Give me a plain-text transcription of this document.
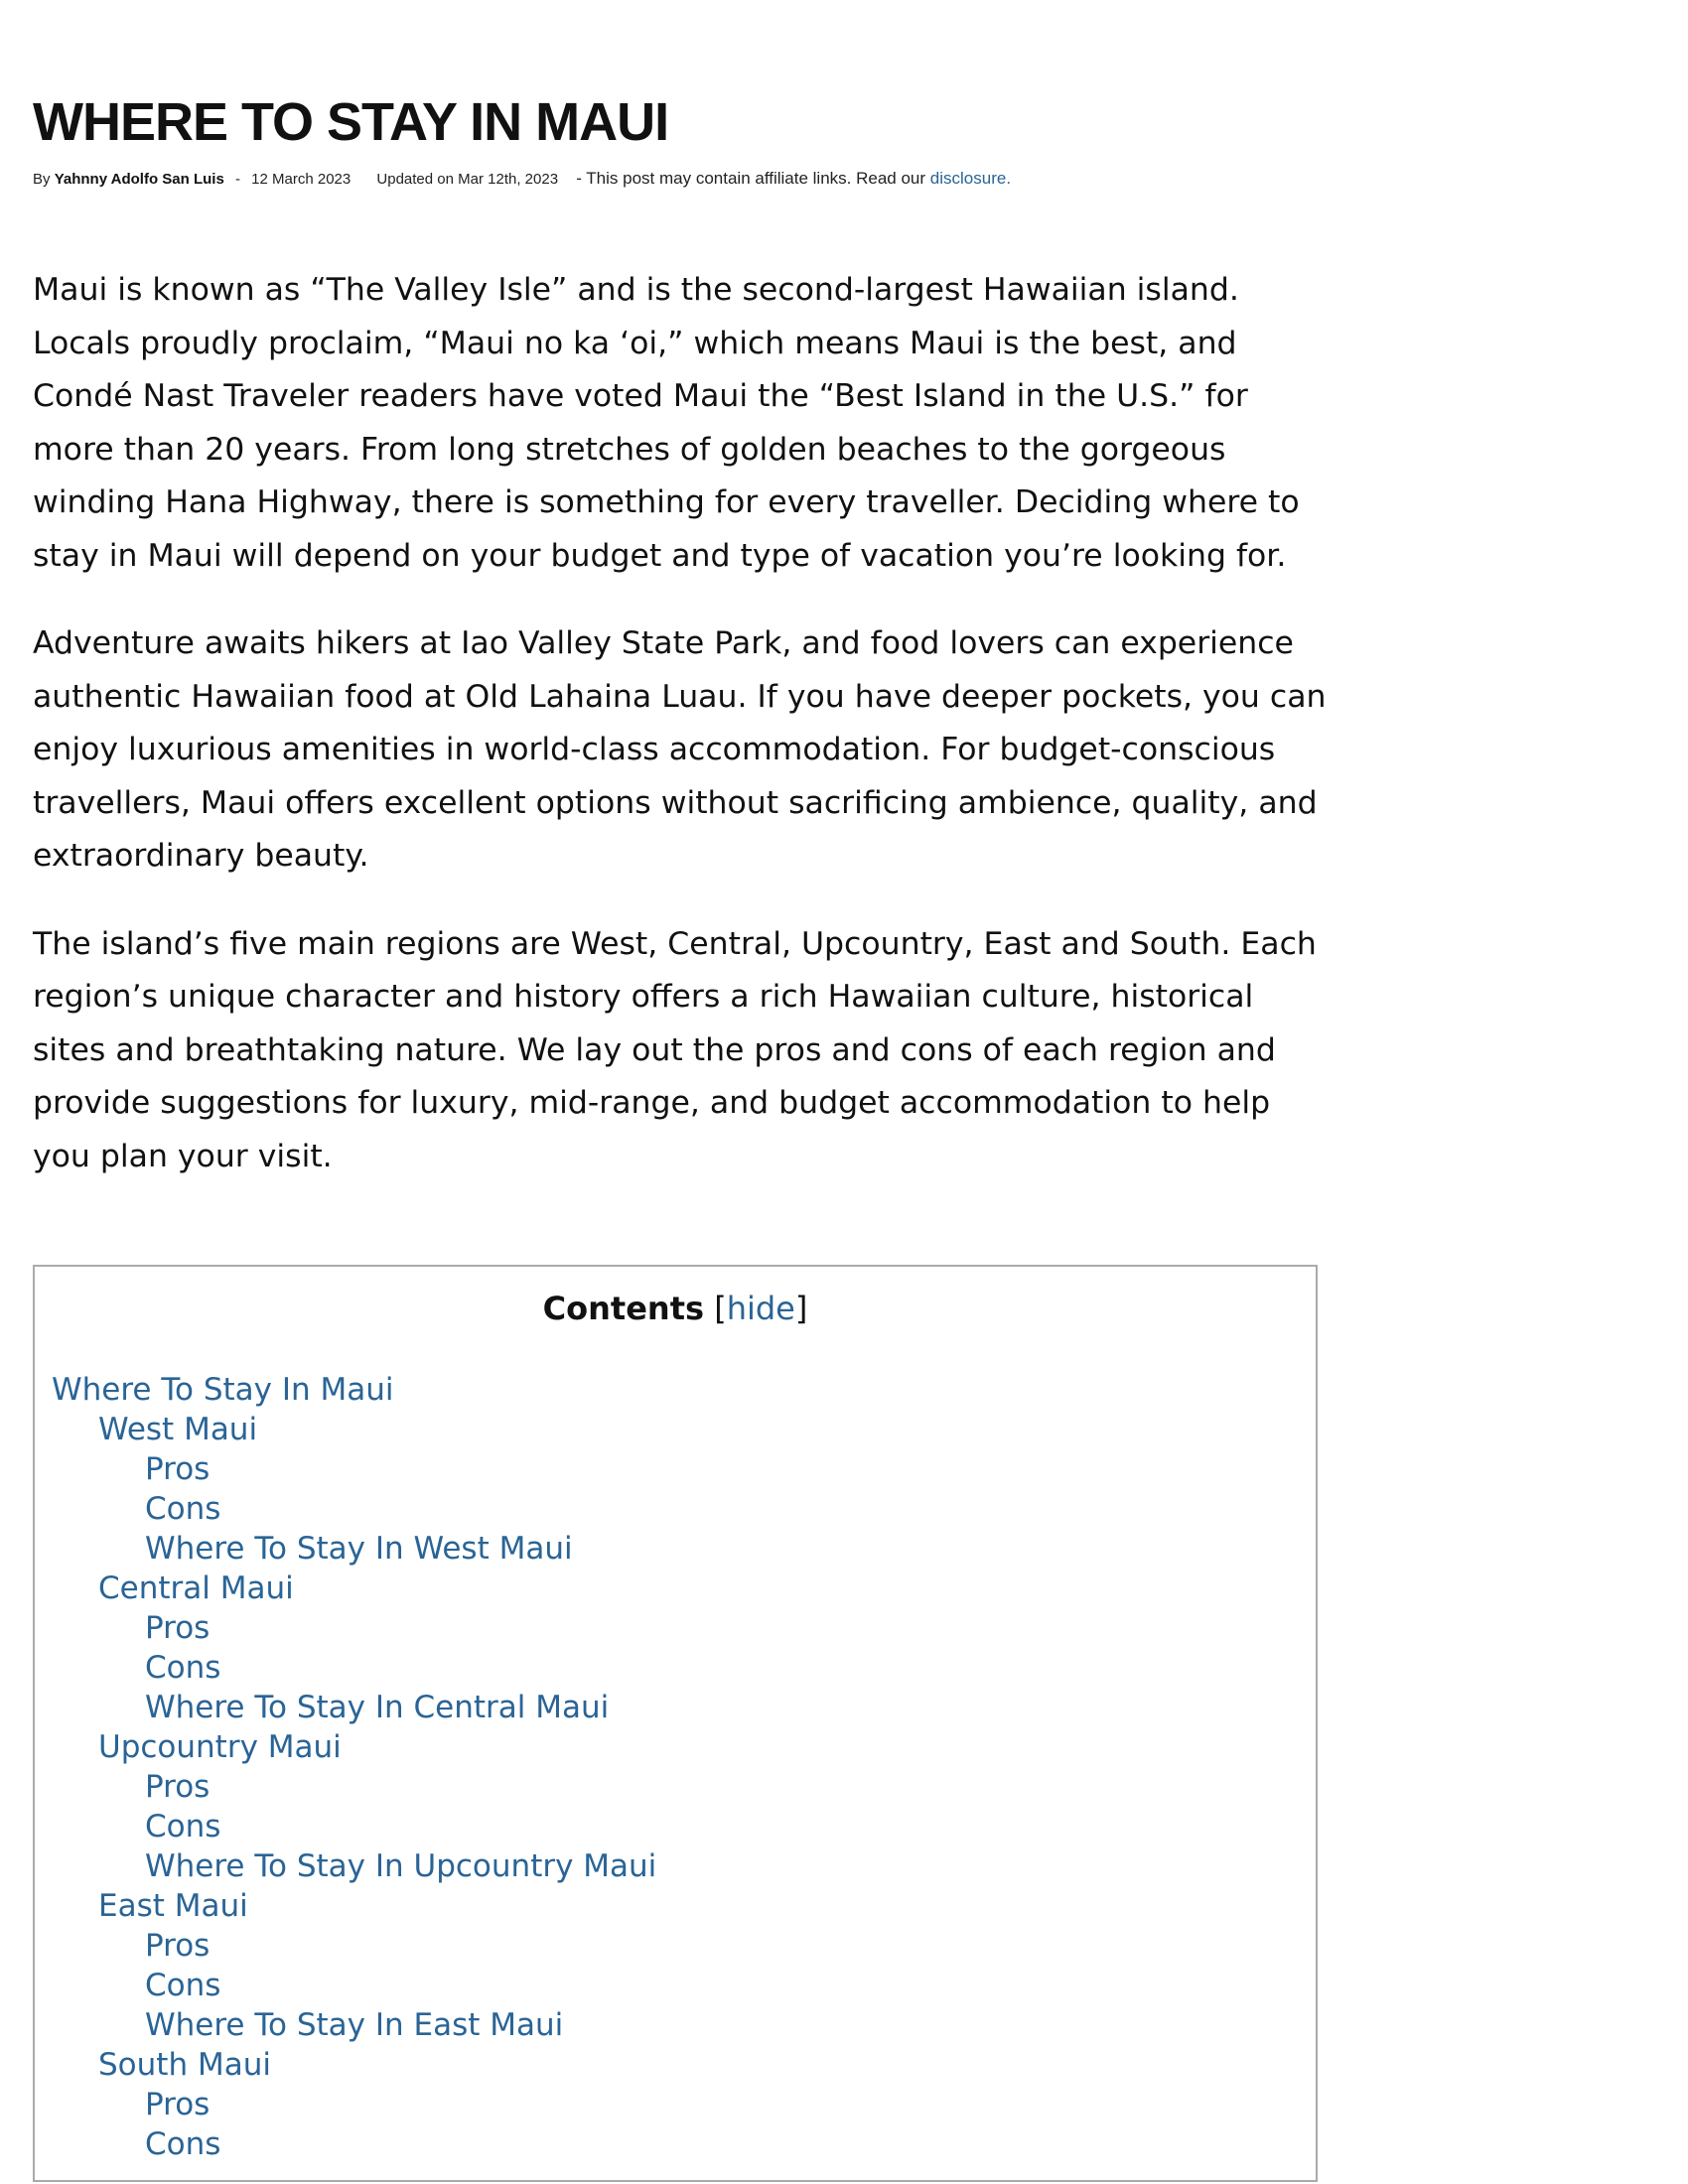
WHERE TO STAY IN MAUI
By Yahnny Adolfo San Luis - 12 March 2023 Updated on Mar 12th, 2023 - This post may contain affiliate links. Read our disclosure.

Maui is known as “The Valley Isle” and is the second-largest Hawaiian island. Locals proudly proclaim, “Maui no ka ‘oi,” which means Maui is the best, and Condé Nast Traveler readers have voted Maui the “Best Island in the U.S.” for more than 20 years. From long stretches of golden beaches to the gorgeous winding Hana Highway, there is something for every traveller. Deciding where to stay in Maui will depend on your budget and type of vacation you’re looking for.

Adventure awaits hikers at Iao Valley State Park, and food lovers can experience authentic Hawaiian food at Old Lahaina Luau. If you have deeper pockets, you can enjoy luxurious amenities in world-class accommodation. For budget-conscious travellers, Maui offers excellent options without sacrificing ambience, quality, and extraordinary beauty.

The island’s five main regions are West, Central, Upcountry, East and South. Each region’s unique character and history offers a rich Hawaiian culture, historical sites and breathtaking nature. We lay out the pros and cons of each region and provide suggestions for luxury, mid-range, and budget accommodation to help you plan your visit.

Contents [hide]
Where To Stay In Maui
West Maui
Pros
Cons
Where To Stay In West Maui
Central Maui
Pros
Cons
Where To Stay In Central Maui
Upcountry Maui
Pros
Cons
Where To Stay In Upcountry Maui
East Maui
Pros
Cons
Where To Stay In East Maui
South Maui
Pros
Cons
